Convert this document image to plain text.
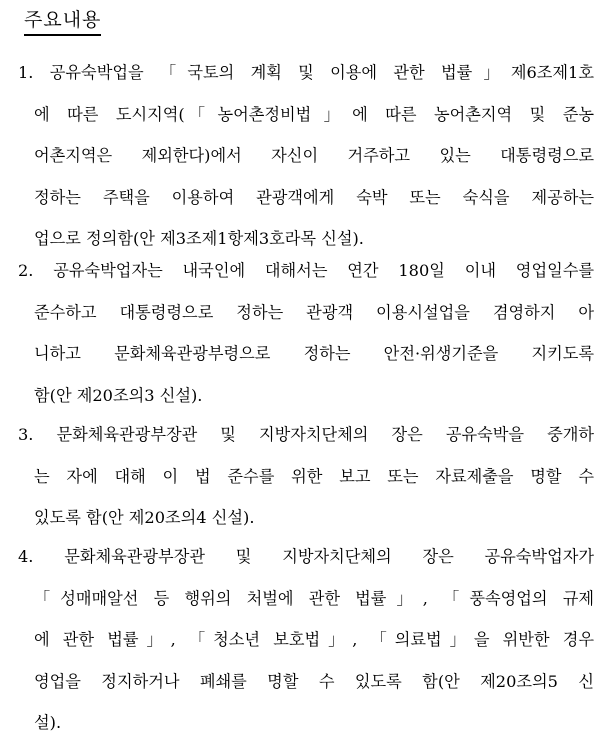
주요내용
1. 공유숙박업을 「국토의 계획 및 이용에 관한 법률」제6조제1호
에 따른 도시지역(「농어촌정비법」에 따른 농어촌지역 및 준농
어촌지역은 제외한다)에서 자신이 거주하고 있는 대통령령으로
정하는 주택을 이용하여 관광객에게 숙박 또는 숙식을 제공하는
업으로 정의함(안 제3조제1항제3호라목 신설).
2. 공유숙박업자는 내국인에 대해서는 연간 180일 이내 영업일수를
준수하고 대통령령으로 정하는 관광객 이용시설업을 겸영하지 아
니하고 문화체육관광부령으로 정하는 안전·위생기준을 지키도록
함(안 제20조의3 신설).
3. 문화체육관광부장관 및 지방자치단체의 장은 공유숙박을 중개하
는 자에 대해 이 법 준수를 위한 보고 또는 자료제출을 명할 수
있도록 함(안 제20조의4 신설).
4. 문화체육관광부장관 및 지방자치단체의 장은 공유숙박업자가
「성매매알선 등 행위의 처벌에 관한 법률」, 「풍속영업의 규제
에 관한 법률」, 「청소년 보호법」, 「의료법」을 위반한 경우
영업을 정지하거나 폐쇄를 명할 수 있도록 함(안 제20조의5 신
설).
